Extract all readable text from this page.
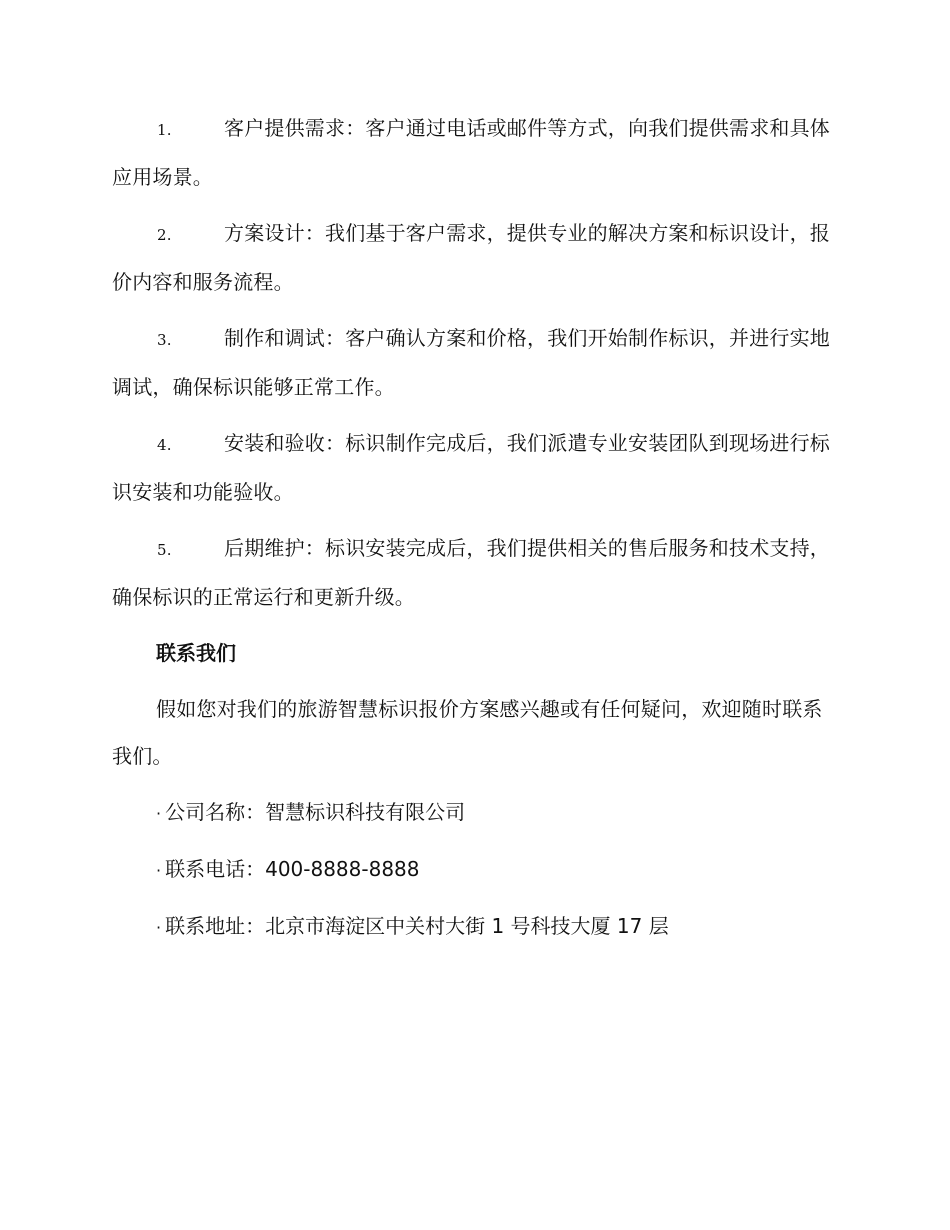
1.	客户提供需求：客户通过电话或邮件等方式，向我们提供需求和具体应用场景。

2.	方案设计：我们基于客户需求，提供专业的解决方案和标识设计，报价内容和服务流程。

3.	制作和调试：客户确认方案和价格，我们开始制作标识，并进行实地调试，确保标识能够正常工作。

4.	安装和验收：标识制作完成后，我们派遣专业安装团队到现场进行标识安装和功能验收。

5.	后期维护：标识安装完成后，我们提供相关的售后服务和技术支持，确保标识的正常运行和更新升级。

联系我们

假如您对我们的旅游智慧标识报价方案感兴趣或有任何疑问，欢迎随时联系我们。

· 公司名称：智慧标识科技有限公司
· 联系电话：400-8888-8888
· 联系地址：北京市海淀区中关村大街 1 号科技大厦 17 层
